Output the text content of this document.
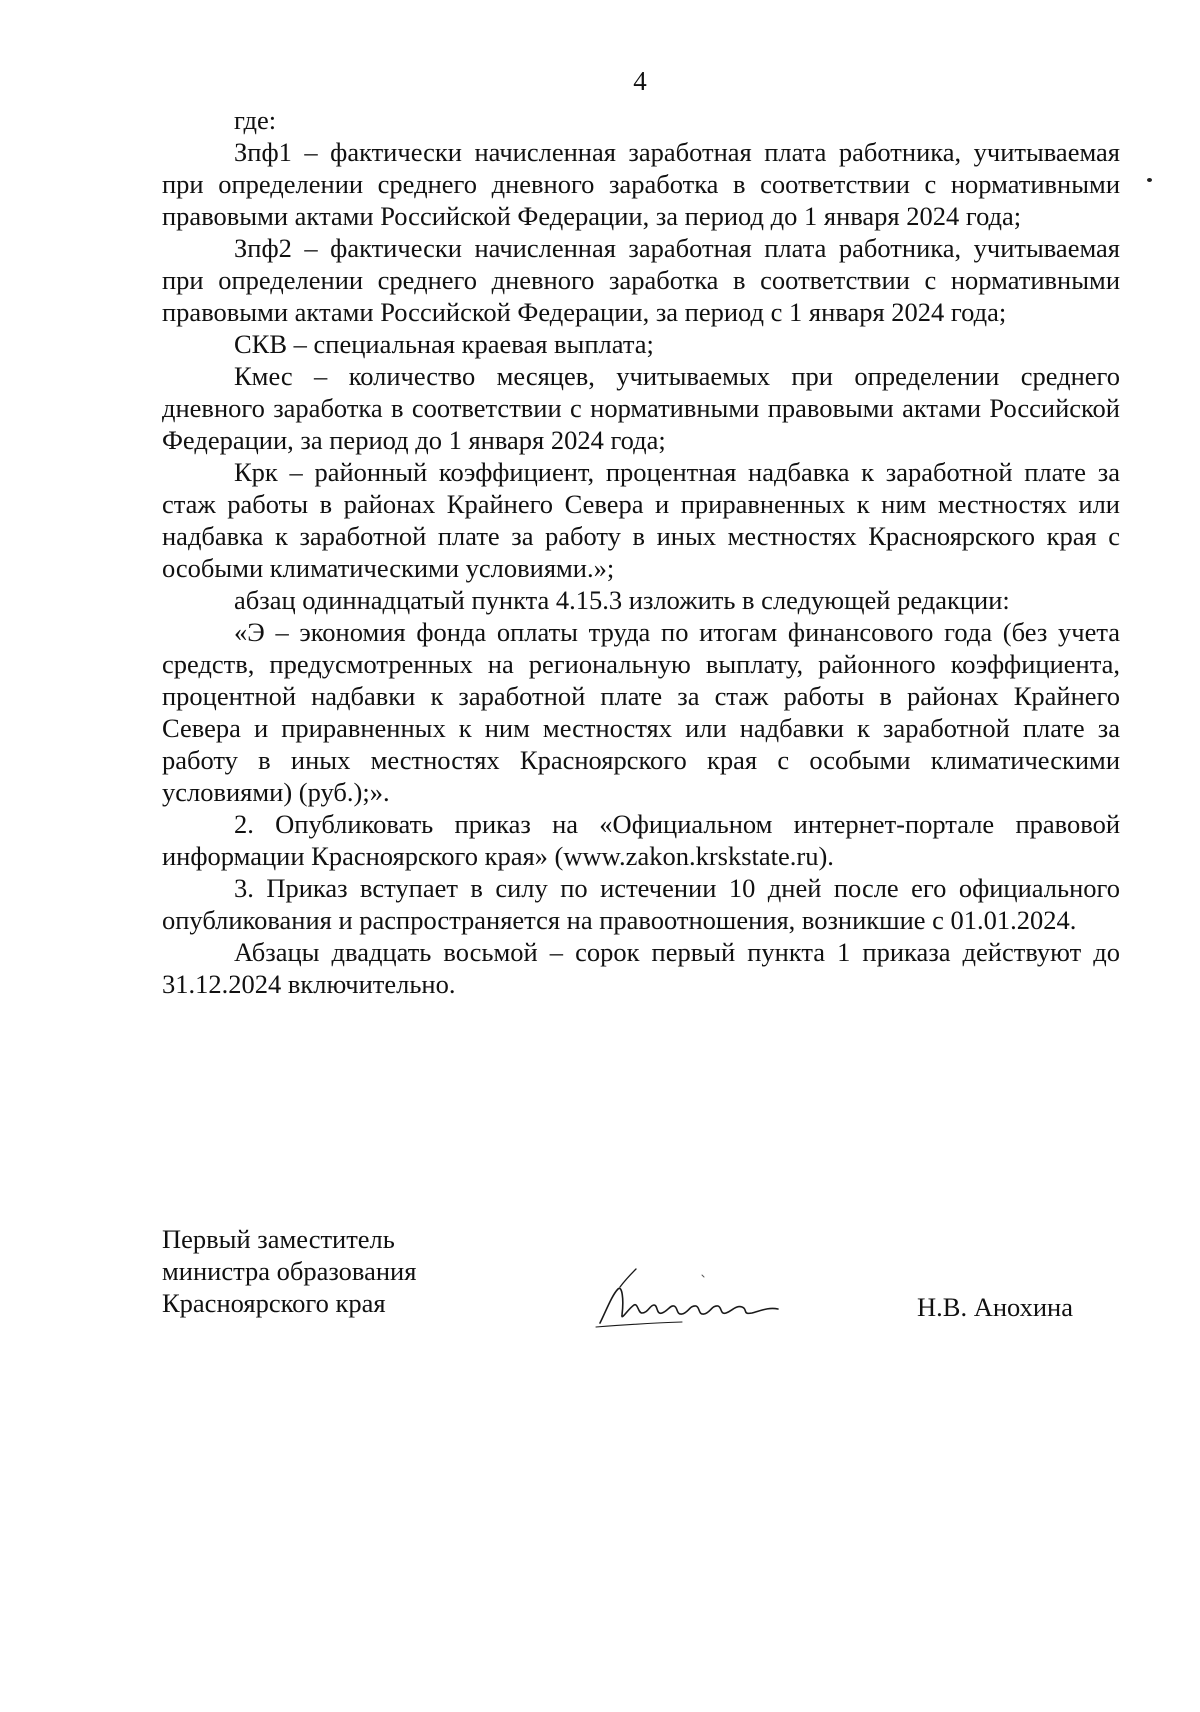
4

где:

Зпф1 – фактически начисленная заработная плата работника, учитываемая при определении среднего дневного заработка в соответствии с нормативными правовыми актами Российской Федерации, за период до 1 января 2024 года;

Зпф2 – фактически начисленная заработная плата работника, учитываемая при определении среднего дневного заработка в соответствии с нормативными правовыми актами Российской Федерации, за период с 1 января 2024 года;

СКВ – специальная краевая выплата;

Кмес – количество месяцев, учитываемых при определении среднего дневного заработка в соответствии с нормативными правовыми актами Российской Федерации, за период до 1 января 2024 года;

Крк – районный коэффициент, процентная надбавка к заработной плате за стаж работы в районах Крайнего Севера и приравненных к ним местностях или надбавка к заработной плате за работу в иных местностях Красноярского края с особыми климатическими условиями.»;

абзац одиннадцатый пункта 4.15.3 изложить в следующей редакции:

«Э – экономия фонда оплаты труда по итогам финансового года (без учета средств, предусмотренных на региональную выплату, районного коэффициента, процентной надбавки к заработной плате за стаж работы в районах Крайнего Севера и приравненных к ним местностях или надбавки к заработной плате за работу в иных местностях Красноярского края с особыми климатическими условиями) (руб.);».

2. Опубликовать приказ на «Официальном интернет-портале правовой информации Красноярского края» (www.zakon.krskstate.ru).

3. Приказ вступает в силу по истечении 10 дней после его официального опубликования и распространяется на правоотношения, возникшие с 01.01.2024.

Абзацы двадцать восьмой – сорок первый пункта 1 приказа действуют до 31.12.2024 включительно.

Первый заместитель
министра образования
Красноярского края	Н.В. Анохина
